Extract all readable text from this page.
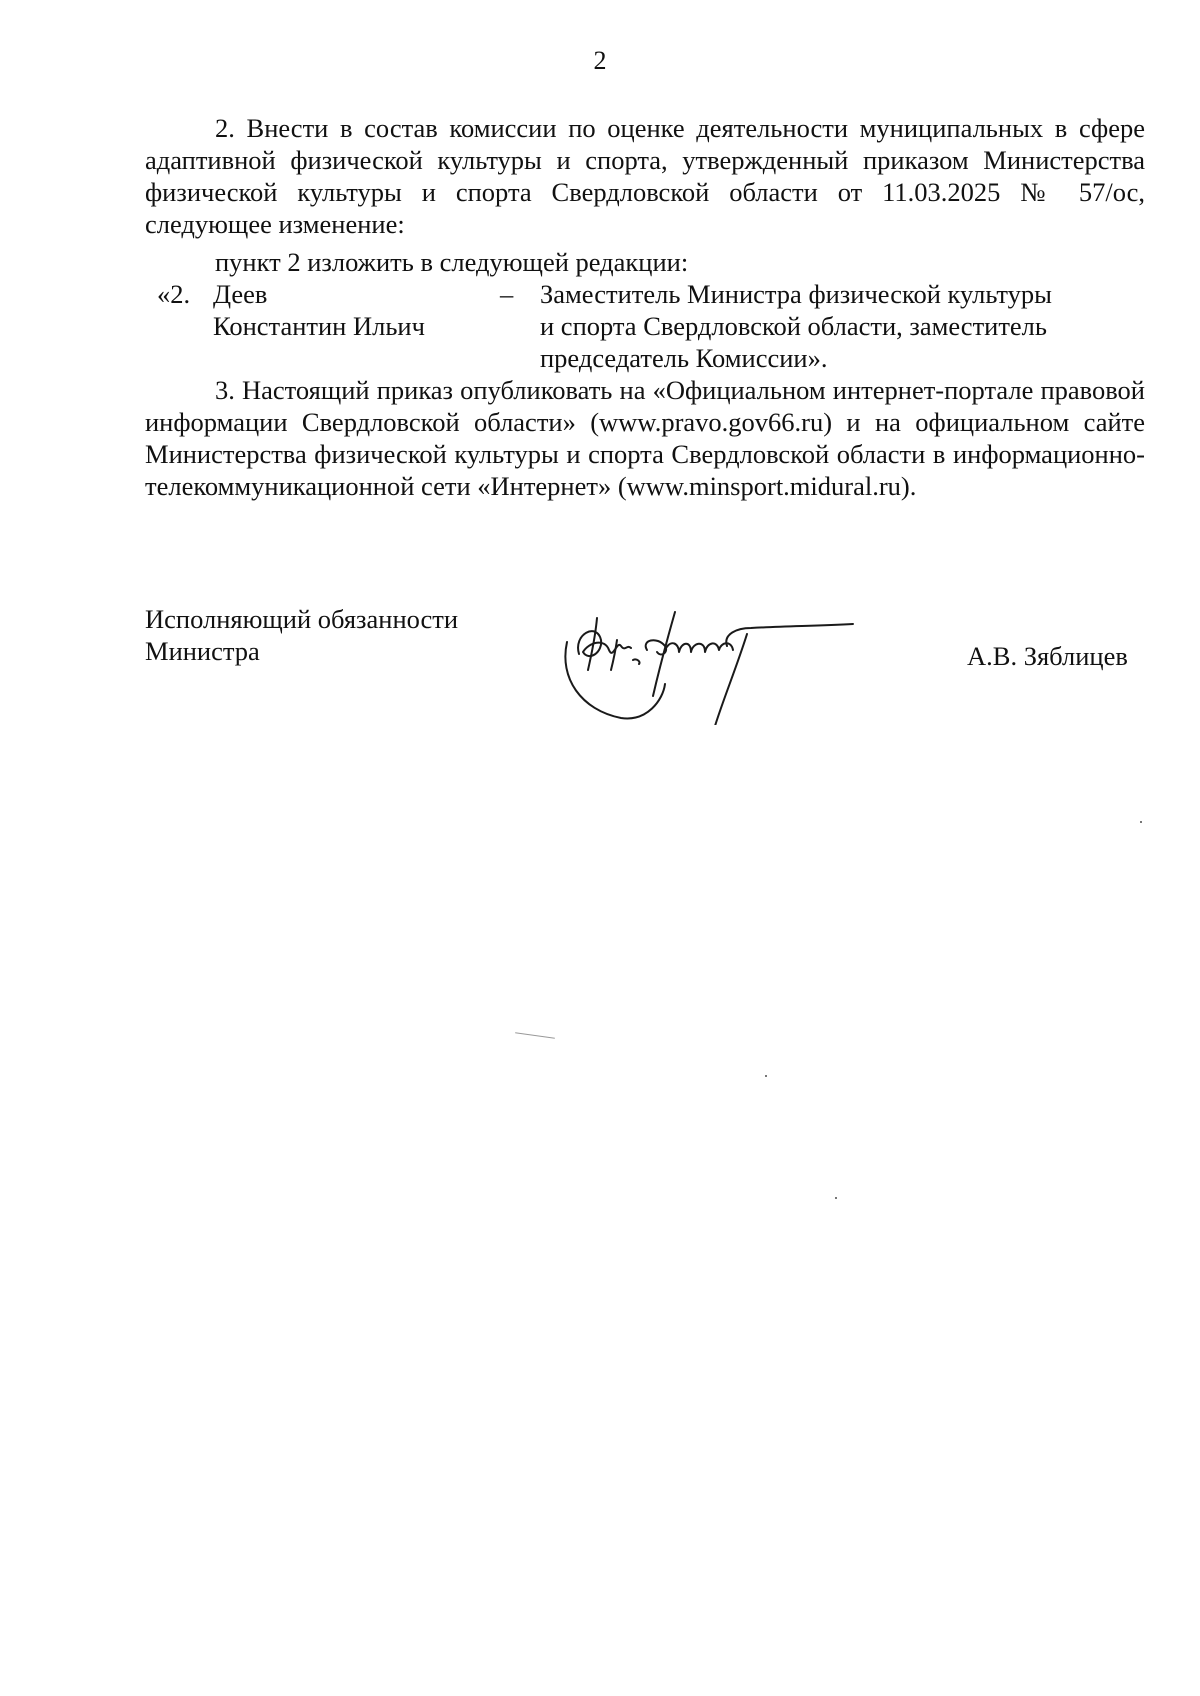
2
2. Внести в состав комиссии по оценке деятельности муниципальных в сфере адаптивной физической культуры и спорта, утвержденный приказом Министерства физической культуры и спорта Свердловской области от 11.03.2025 № 57/ос, следующее изменение:
пункт 2 изложить в следующей редакции:
«2. Деев
Константин Ильич
– Заместитель Министра физической культуры
и спорта Свердловской области, заместитель
председатель Комиссии».
3. Настоящий приказ опубликовать на «Официальном интернет-портале правовой информации Свердловской области» (www.pravo.gov66.ru) и на официальном сайте Министерства физической культуры и спорта Свердловской области в информационно-телекоммуникационной сети «Интернет» (www.minsport.midural.ru).
Исполняющий обязанности
Министра	А.В. Зяблицев
